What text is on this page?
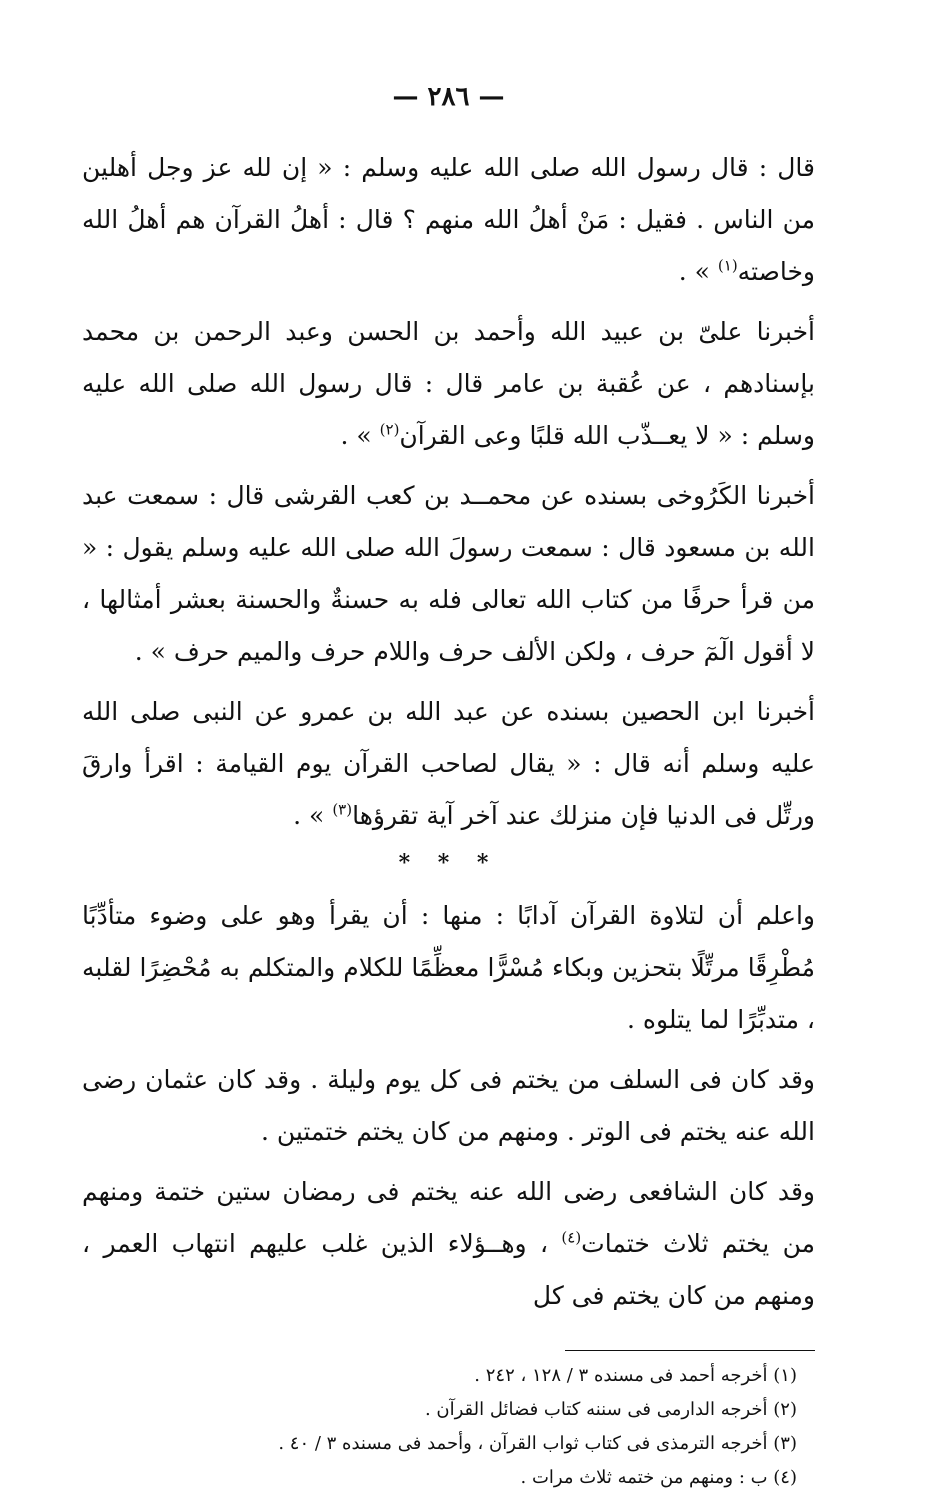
— ٢٨٦ —

قال : قال رسول الله صلى الله عليه وسلم : « إن لله عز وجل أهلين من الناس . فقيل : مَنْ أهلُ الله منهم ؟ قال : أهلُ القرآن هم أهلُ الله وخاصته$^{(١)}$ » .

أخبرنا علىّ بن عبيد الله وأحمد بن الحسن وعبد الرحمن بن محمد بإسنادهم ، عن عُقبة بن عامر قال : قال رسول الله صلى الله عليه وسلم : « لا يعــذّب الله قلبًا وعى القرآن$^{(٢)}$ » .

أخبرنا الكَرُوخى بسنده عن محمــد بن كعب القرشى قال : سمعت عبد الله بن مسعود قال : سمعت رسولَ الله صلى الله عليه وسلم يقول : « من قرأ حرفًا من كتاب الله تعالى فله به حسنةٌ والحسنة بعشر أمثالها ، لا أقول الٓمٓ حرف ، ولكن الألف حرف واللام حرف والميم حرف » .

أخبرنا ابن الحصين بسنده عن عبد الله بن عمرو عن النبى صلى الله عليه وسلم أنه قال : « يقال لصاحب القرآن يوم القيامة : اقرأ وارقَ ورتِّل فى الدنيا فإن منزلك عند آخر آية تقرؤها$^{(٣)}$ » .

* * *

واعلم أن لتلاوة القرآن آدابًا : منها : أن يقرأ وهو على وضوء متأدِّبًا مُطْرِقًا مرتِّلًا بتحزين وبكاء مُسْرًّا معظِّمًا للكلام والمتكلم به مُحْضِرًا لقلبه ، متدبِّرًا لما يتلوه .

وقد كان فى السلف من يختم فى كل يوم وليلة . وقد كان عثمان رضى الله عنه يختم فى الوتر . ومنهم من كان يختم ختمتين .

وقد كان الشافعى رضى الله عنه يختم فى رمضان ستين ختمة ومنهم من يختم ثلاث ختمات$^{(٤)}$ ، وهــؤلاء الذين غلب عليهم انتهاب العمر ، ومنهم من كان يختم فى كل

(١) أخرجه أحمد فى مسنده ٣ / ١٢٨ ، ٢٤٢ .
(٢) أخرجه الدارمى فى سننه كتاب فضائل القرآن .
(٣) أخرجه الترمذى فى كتاب ثواب القرآن ، وأحمد فى مسنده ٣ / ٤٠ .
(٤) ب : ومنهم من ختمه ثلاث مرات .
